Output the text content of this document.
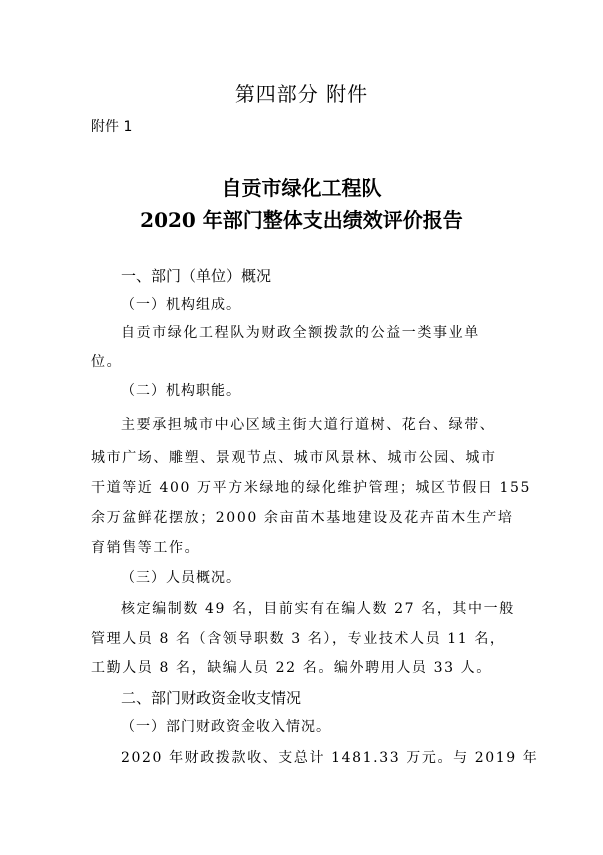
第四部分 附件
附件 1
自贡市绿化工程队
2020 年部门整体支出绩效评价报告
一、部门（单位）概况
（一）机构组成。
自贡市绿化工程队为财政全额拨款的公益一类事业单
位。
（二）机构职能。
主要承担城市中心区域主街大道行道树、花台、绿带、
城市广场、雕塑、景观节点、城市风景林、城市公园、城市
干道等近 400 万平方米绿地的绿化维护管理；城区节假日 155
余万盆鲜花摆放；2000 余亩苗木基地建设及花卉苗木生产培
育销售等工作。
（三）人员概况。
核定编制数 49 名，目前实有在编人数 27 名，其中一般
管理人员 8 名（含领导职数 3 名），专业技术人员 11 名，
工勤人员 8 名，缺编人员 22 名。编外聘用人员 33 人。
二、部门财政资金收支情况
（一）部门财政资金收入情况。
2020 年财政拨款收、支总计 1481.33 万元。与 2019 年
